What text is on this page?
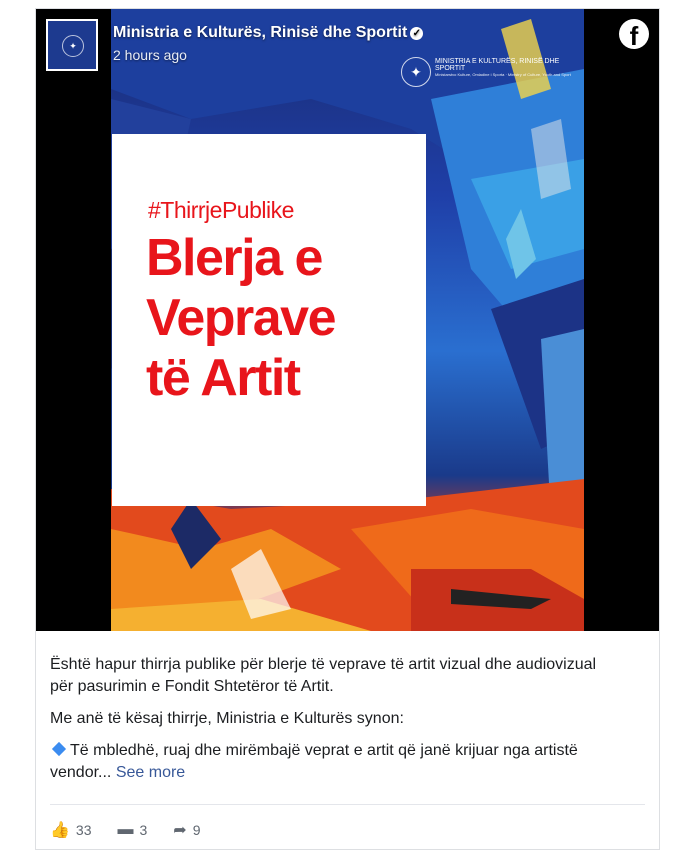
✦
MINISTRIA E KULTURËS, RINISË DHE SPORTIT
Ministarstvo Kulture, Omladine i Sporta · Ministry of Culture, Youth and Sport
#ThirrjePublike
Blerja e
Veprave
të Artit
✦
Ministria e Kulturës, Rinisë dhe Sportit ✓
2 hours ago
f

Është hapur thirrja publike për blerje të veprave të artit vizual dhe audiovizual për pasurimin e Fondit Shtetëror të Artit.

Me anë të kësaj thirrje, Ministria e Kulturës synon:

Të mbledhë, ruaj dhe mirëmbajë veprat e artit që janë krijuar nga artistë vendor... See more

👍 33 ▬ 3 ➦ 9
